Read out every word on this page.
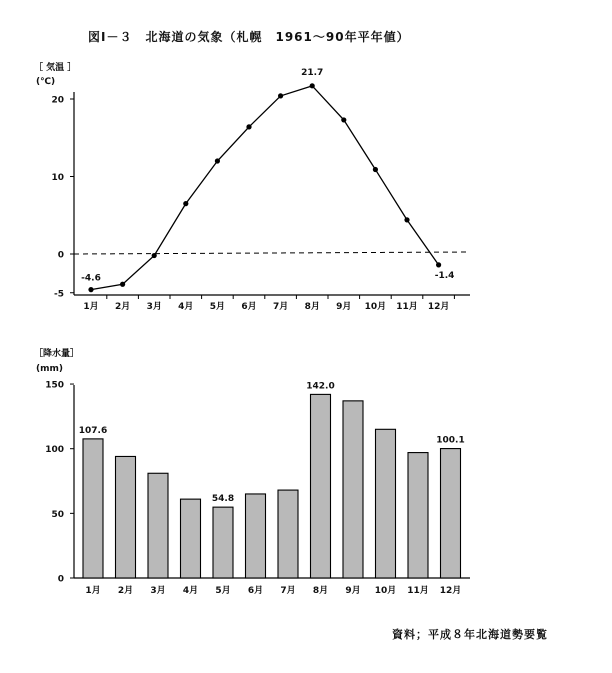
図Ⅰ－３　北海道の気象（札幌　1961～90年平年値）
［ 気温 ］
(℃)
20
10
0
-5
1月 2月 3月 4月 5月 6月 7月 8月 9月 10月 11月 12月
-4.6
21.7
-1.4
［降水量］
(mm)
150
100
50
0
1月 2月 3月 4月 5月 6月 7月 8月 9月 10月 11月 12月
107.6
54.8
142.0
100.1
資料；平成８年北海道勢要覧
